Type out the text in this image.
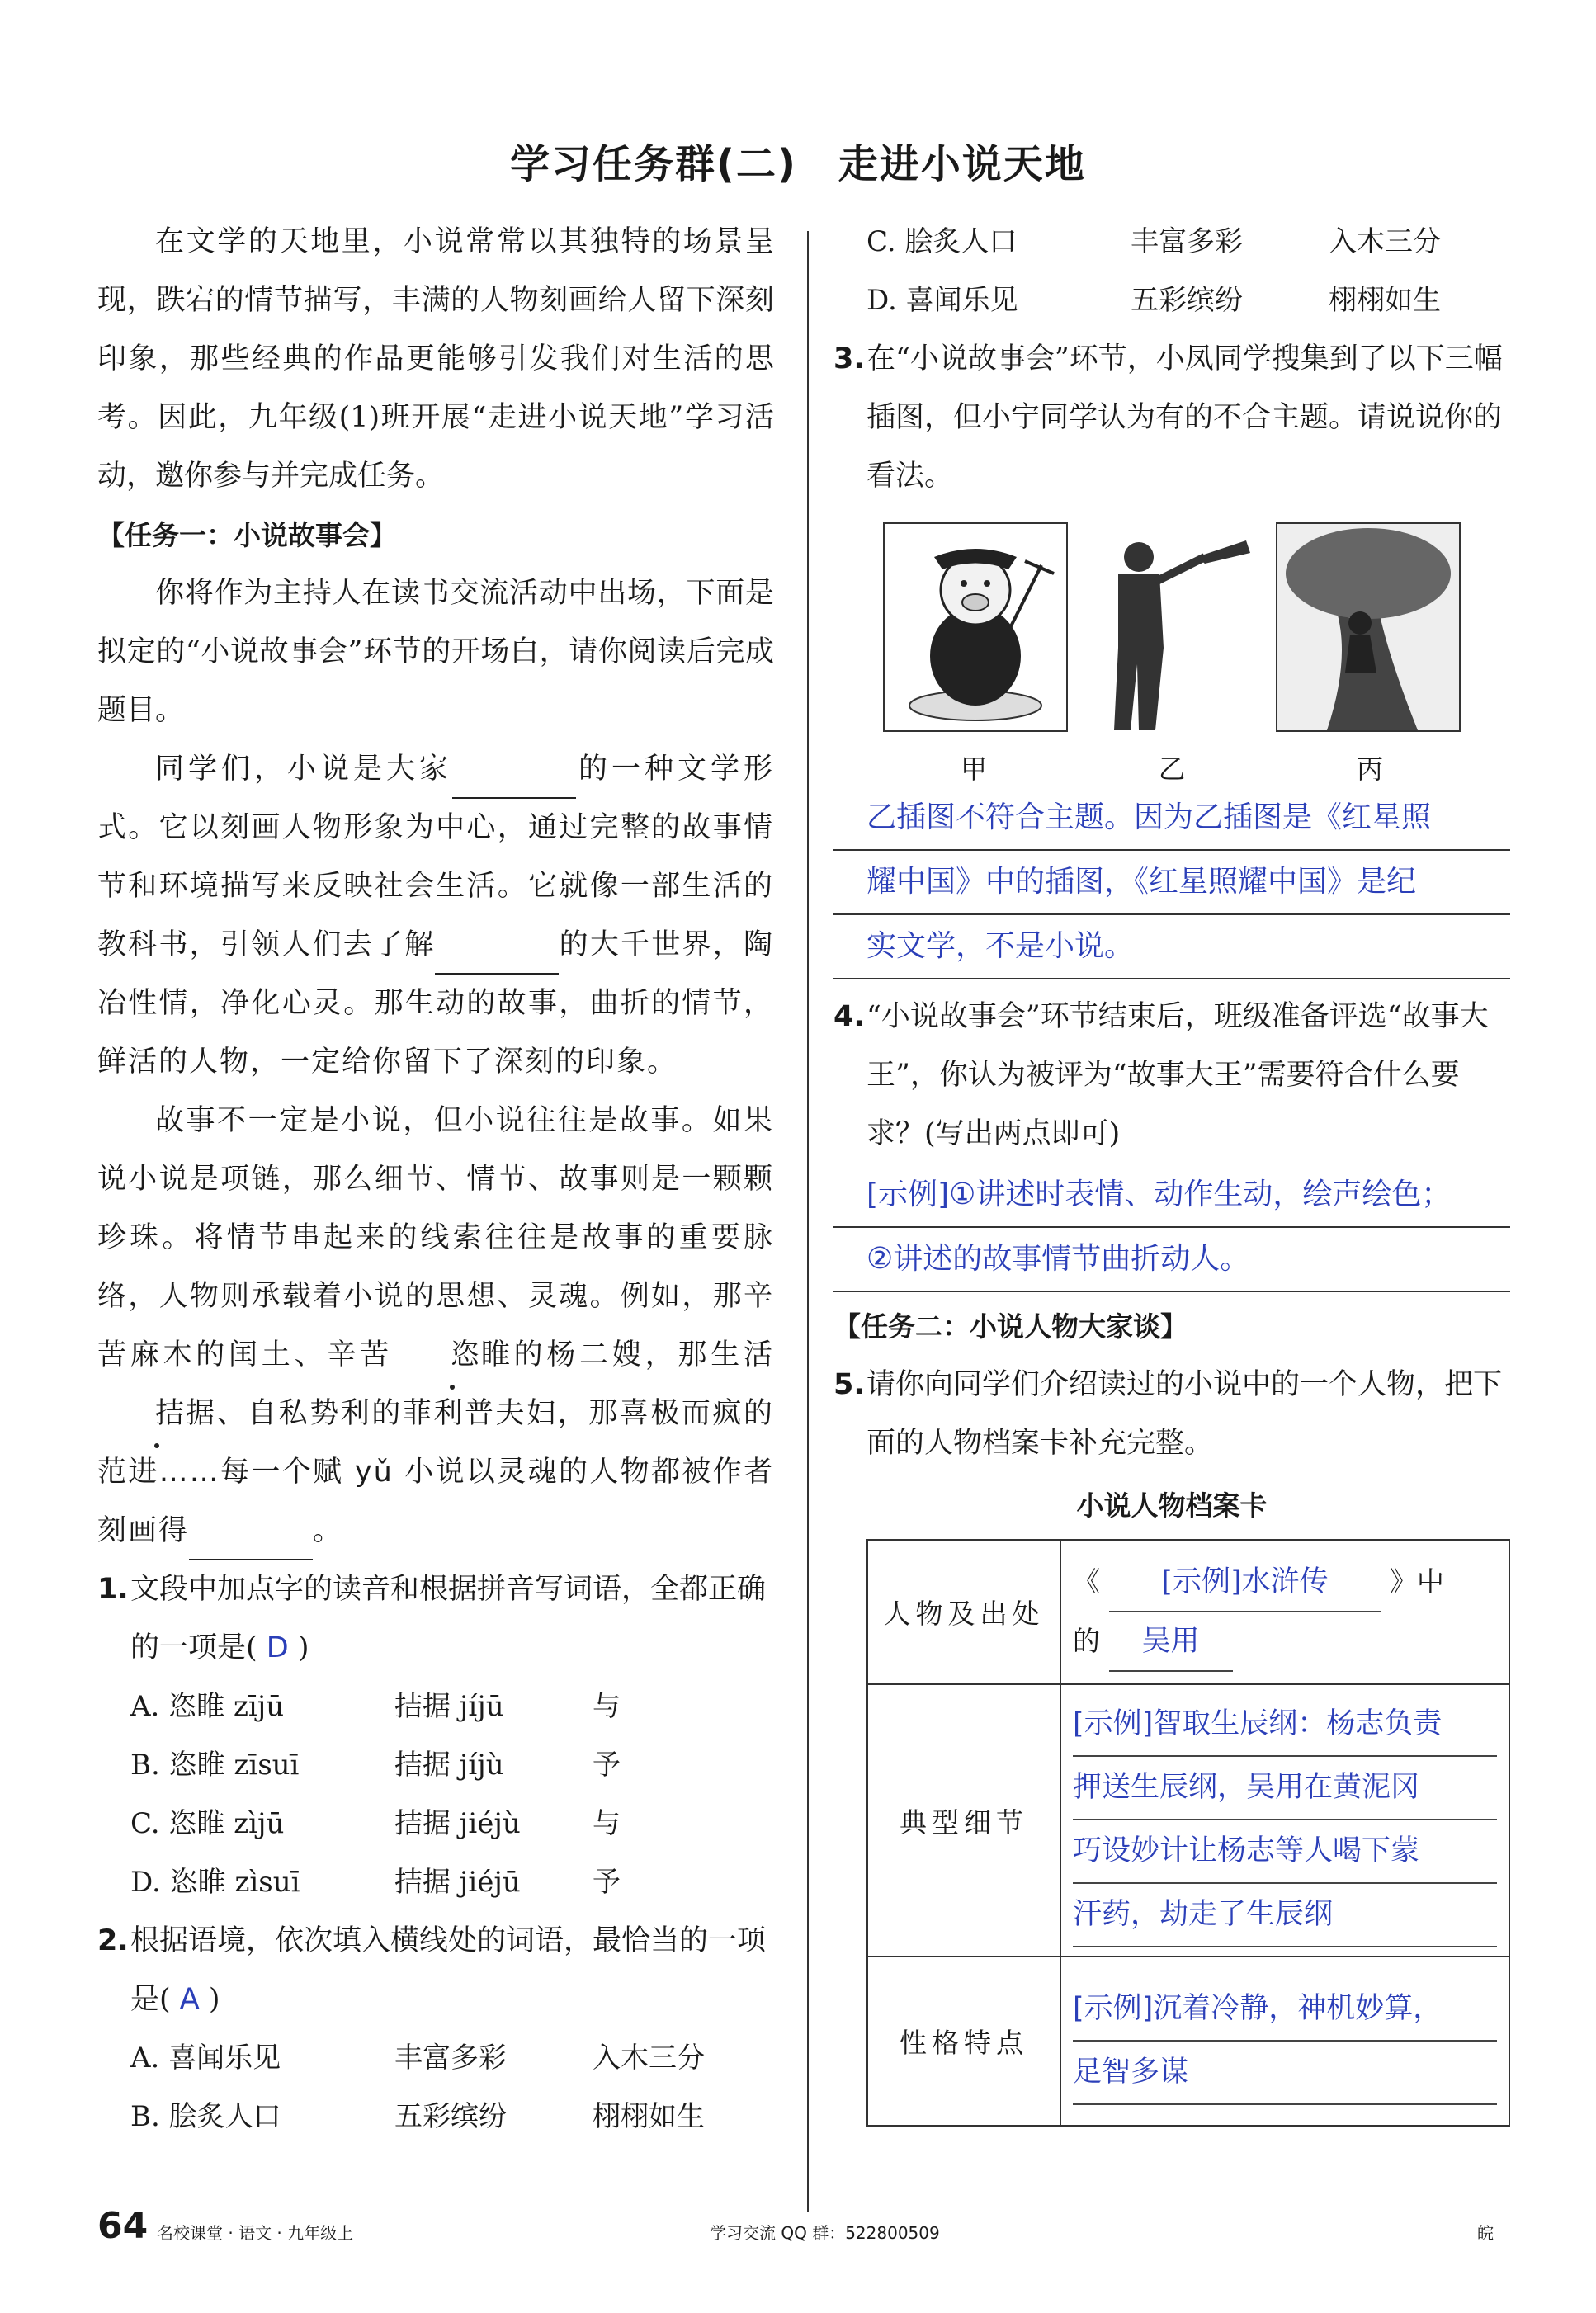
学习任务群(二)　走进小说天地

在文学的天地里，小说常常以其独特的场景呈现，跌宕的情节描写，丰满的人物刻画给人留下深刻印象，那些经典的作品更能够引发我们对生活的思考。因此，九年级(1)班开展“走进小说天地”学习活动，邀你参与并完成任务。

【任务一：小说故事会】

你将作为主持人在读书交流活动中出场，下面是拟定的“小说故事会”环节的开场白，请你阅读后完成题目。

同学们，小说是大家	的一种文学形式。它以刻画人物形象为中心，通过完整的故事情节和环境描写来反映社会生活。它就像一部生活的教科书，引领人们去了解	的大千世界，陶冶性情，净化心灵。那生动的故事，曲折的情节，鲜活的人物，一定给你留下了深刻的印象。

故事不一定是小说，但小说往往是故事。如果说小说是项链，那么细节、情节、故事则是一颗颗珍珠。将情节串起来的线索往往是故事的重要脉络，人物则承载着小说的思想、灵魂。例如，那辛苦麻木的闰土、辛苦 恣睢的杨二嫂，那生活拮据、自私势利的菲利普夫妇，那喜极而疯的范进……每一个赋 yǔ 小说以灵魂的人物都被作者刻画得	。

1. 文段中加点字的读音和根据拼音写词语，全都正确的一项是( D )
A. 恣睢 zījū	拮据 jíjū	与
B. 恣睢 zīsuī	拮据 jíjù	予
C. 恣睢 zìjū	拮据 jiéjù	与
D. 恣睢 zìsuī	拮据 jiéjū	予
2. 根据语境，依次填入横线处的词语，最恰当的一项是( A )
A. 喜闻乐见	丰富多彩	入木三分
B. 脍炙人口	五彩缤纷	栩栩如生
C. 脍炙人口	丰富多彩	入木三分
D. 喜闻乐见	五彩缤纷	栩栩如生
3. 在“小说故事会”环节，小凤同学搜集到了以下三幅插图，但小宁同学认为有的不合主题。请说说你的看法。
甲	乙	丙
乙插图不符合主题。因为乙插图是《红星照
耀中国》中的插图，《红星照耀中国》是纪
实文学，不是小说。
4. “小说故事会”环节结束后，班级准备评选“故事大王”，你认为被评为“故事大王”需要符合什么要求？(写出两点即可)
[示例]①讲述时表情、动作生动，绘声绘色；
②讲述的故事情节曲折动人。

【任务二：小说人物大家谈】

5. 请你向同学们介绍读过的小说中的一个人物，把下面的人物档案卡补充完整。
小说人物档案卡
人物及出处	《 [示例]水浒传 》中
的 吴用

典型细节	[示例]智取生辰纲：杨志负责
押送生辰纲，吴用在黄泥冈
巧设妙计让杨志等人喝下蒙
汗药，劫走了生辰纲

性格特点	[示例]沉着冷静，神机妙算，
足智多谋
64 名校课堂 · 语文 · 九年级上	学习交流 QQ 群：522800509	皖
